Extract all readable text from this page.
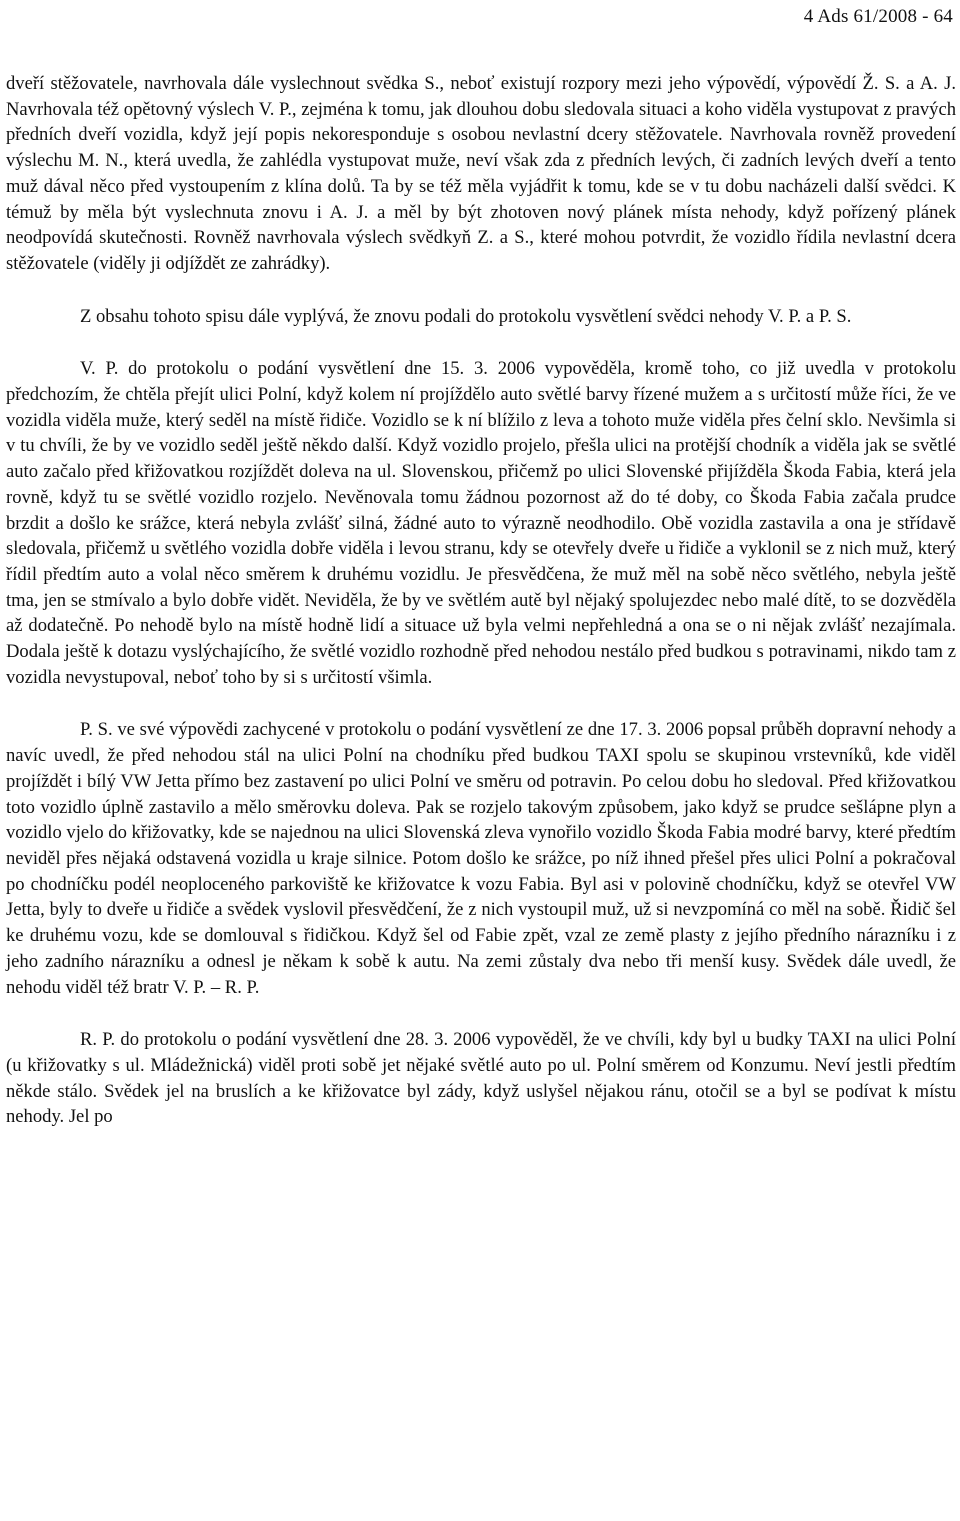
4 Ads 61/2008 - 64

dveří stěžovatele, navrhovala dále vyslechnout svědka S., neboť existují rozpory mezi jeho výpovědí, výpovědí Ž. S. a A. J. Navrhovala též opětovný výslech V. P., zejména k tomu, jak dlouhou dobu sledovala situaci a koho viděla vystupovat z pravých předních dveří vozidla, když její popis nekoresponduje s osobou nevlastní dcery stěžovatele. Navrhovala rovněž provedení výslechu M. N., která uvedla, že zahlédla vystupovat muže, neví však zda z předních levých, či zadních levých dveří a tento muž dával něco před vystoupením z klína dolů. Ta by se též měla vyjádřit k tomu, kde se v tu dobu nacházeli další svědci. K témuž by měla být vyslechnuta znovu i A. J. a měl by být zhotoven nový plánek místa nehody, když pořízený plánek neodpovídá skutečnosti. Rovněž navrhovala výslech svědkyň Z. a S., které mohou potvrdit, že vozidlo řídila nevlastní dcera stěžovatele (viděly ji odjíždět ze zahrádky).

Z obsahu tohoto spisu dále vyplývá, že znovu podali do protokolu vysvětlení svědci nehody V. P. a P. S.

V. P. do protokolu o podání vysvětlení dne 15. 3. 2006 vypověděla, kromě toho, co již uvedla v protokolu předchozím, že chtěla přejít ulici Polní, když kolem ní projíždělo auto světlé barvy řízené mužem a s určitostí může říci, že ve vozidla viděla muže, který seděl na místě řidiče. Vozidlo se k ní blížilo z leva a tohoto muže viděla přes čelní sklo. Nevšimla si v tu chvíli, že by ve vozidlo seděl ještě někdo další. Když vozidlo projelo, přešla ulici na protější chodník a viděla jak se světlé auto začalo před křižovatkou rozjíždět doleva na ul. Slovenskou, přičemž po ulici Slovenské přijížděla Škoda Fabia, která jela rovně, když tu se světlé vozidlo rozjelo. Nevěnovala tomu žádnou pozornost až do té doby, co Škoda Fabia začala prudce brzdit a došlo ke srážce, která nebyla zvlášť silná, žádné auto to výrazně neodhodilo. Obě vozidla zastavila a ona je střídavě sledovala, přičemž u světlého vozidla dobře viděla i levou stranu, kdy se otevřely dveře u řidiče a vyklonil se z nich muž, který řídil předtím auto a volal něco směrem k druhému vozidlu. Je přesvědčena, že muž měl na sobě něco světlého, nebyla ještě tma, jen se stmívalo a bylo dobře vidět. Neviděla, že by ve světlém autě byl nějaký spolujezdec nebo malé dítě, to se dozvěděla až dodatečně. Po nehodě bylo na místě hodně lidí a situace už byla velmi nepřehledná a ona se o ni nějak zvlášť nezajímala. Dodala ještě k dotazu vyslýchajícího, že světlé vozidlo rozhodně před nehodou nestálo před budkou s potravinami, nikdo tam z vozidla nevystupoval, neboť toho by si s určitostí všimla.

P. S. ve své výpovědi zachycené v protokolu o podání vysvětlení ze dne 17. 3. 2006 popsal průběh dopravní nehody a navíc uvedl, že před nehodou stál na ulici Polní na chodníku před budkou TAXI spolu se skupinou vrstevníků, kde viděl projíždět i bílý VW Jetta přímo bez zastavení po ulici Polní ve směru od potravin. Po celou dobu ho sledoval. Před křižovatkou toto vozidlo úplně zastavilo a mělo směrovku doleva. Pak se rozjelo takovým způsobem, jako když se prudce sešlápne plyn a vozidlo vjelo do křižovatky, kde se najednou na ulici Slovenská zleva vynořilo vozidlo Škoda Fabia modré barvy, které předtím neviděl přes nějaká odstavená vozidla u kraje silnice. Potom došlo ke srážce, po níž ihned přešel přes ulici Polní a pokračoval po chodníčku podél neoploceného parkoviště ke křižovatce k vozu Fabia. Byl asi v polovině chodníčku, když se otevřel VW Jetta, byly to dveře u řidiče a svědek vyslovil přesvědčení, že z nich vystoupil muž, už si nevzpomíná co měl na sobě. Řidič šel ke druhému vozu, kde se domlouval s řidičkou. Když šel od Fabie zpět, vzal ze země plasty z jejího předního nárazníku i z jeho zadního nárazníku a odnesl je někam k sobě k autu. Na zemi zůstaly dva nebo tři menší kusy. Svědek dále uvedl, že nehodu viděl též bratr V. P. – R. P.

R. P. do protokolu o podání vysvětlení dne 28. 3. 2006 vypověděl, že ve chvíli, kdy byl u budky TAXI na ulici Polní (u křižovatky s ul. Mládežnická) viděl proti sobě jet nějaké světlé auto po ul. Polní směrem od Konzumu. Neví jestli předtím někde stálo. Svědek jel na bruslích a ke křižovatce byl zády, když uslyšel nějakou ránu, otočil se a byl se podívat k místu nehody. Jel po
